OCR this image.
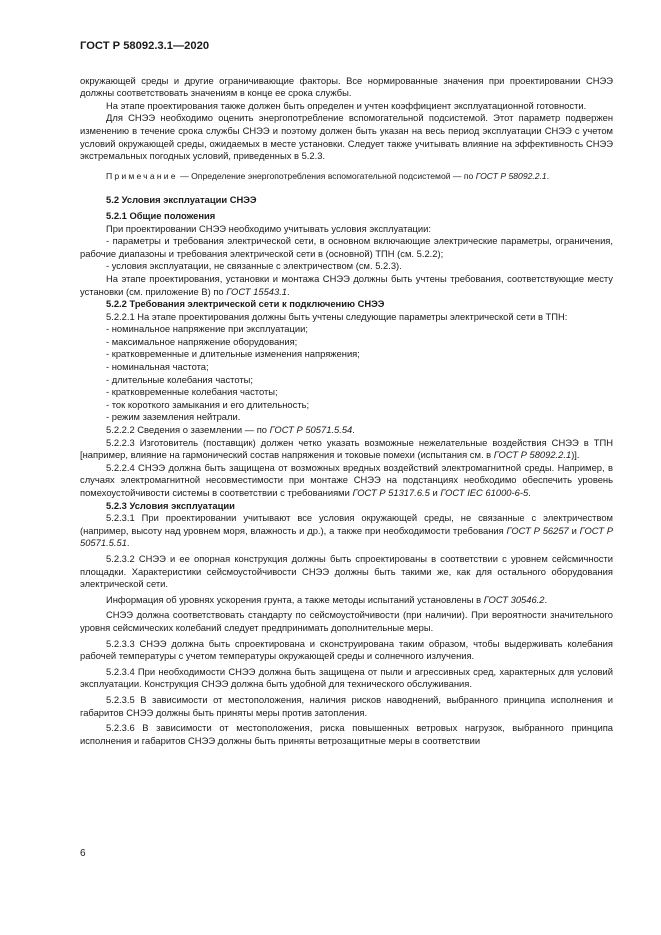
ГОСТ Р 58092.3.1—2020

окружающей среды и другие ограничивающие факторы. Все нормированные значения при проектировании СНЭЭ должны соответствовать значениям в конце ее срока службы.

На этапе проектирования также должен быть определен и учтен коэффициент эксплуатационной готовности.

Для СНЭЭ необходимо оценить энергопотребление вспомогательной подсистемой. Этот параметр подвержен изменению в течение срока службы СНЭЭ и поэтому должен быть указан на весь период эксплуатации СНЭЭ с учетом условий окружающей среды, ожидаемых в месте установки. Следует также учитывать влияние на эффективность СНЭЭ экстремальных погодных условий, приведенных в 5.2.3.

Примечание — Определение энергопотребления вспомогательной подсистемой — по ГОСТ Р 58092.2.1.

5.2 Условия эксплуатации СНЭЭ

5.2.1 Общие положения

При проектировании СНЭЭ необходимо учитывать условия эксплуатации:

- параметры и требования электрической сети, в основном включающие электрические параметры, ограничения, рабочие диапазоны и требования электрической сети в (основной) ТПН (см. 5.2.2);

- условия эксплуатации, не связанные с электричеством (см. 5.2.3).

На этапе проектирования, установки и монтажа СНЭЭ должны быть учтены требования, соответствующие месту установки (см. приложение В) по ГОСТ 15543.1.

5.2.2 Требования электрической сети к подключению СНЭЭ

5.2.2.1 На этапе проектирования должны быть учтены следующие параметры электрической сети в ТПН:

- номинальное напряжение при эксплуатации;

- максимальное напряжение оборудования;

- кратковременные и длительные изменения напряжения;

- номинальная частота;

- длительные колебания частоты;

- кратковременные колебания частоты;

- ток короткого замыкания и его длительность;

- режим заземления нейтрали.

5.2.2.2 Сведения о заземлении — по ГОСТ Р 50571.5.54.

5.2.2.3 Изготовитель (поставщик) должен четко указать возможные нежелательные воздействия СНЭЭ в ТПН [например, влияние на гармонический состав напряжения и токовые помехи (испытания см. в ГОСТ Р 58092.2.1)].

5.2.2.4 СНЭЭ должна быть защищена от возможных вредных воздействий электромагнитной среды. Например, в случаях электромагнитной несовместимости при монтаже СНЭЭ на подстанциях необходимо обеспечить уровень помехоустойчивости системы в соответствии с требованиями ГОСТ Р 51317.6.5 и ГОСТ IEC 61000-6-5.

5.2.3 Условия эксплуатации

5.2.3.1 При проектировании учитывают все условия окружающей среды, не связанные с электричеством (например, высоту над уровнем моря, влажность и др.), а также при необходимости требования ГОСТ Р 56257 и ГОСТ Р 50571.5.51.

5.2.3.2 СНЭЭ и ее опорная конструкция должны быть спроектированы в соответствии с уровнем сейсмичности площадки. Характеристики сейсмоустойчивости СНЭЭ должны быть такими же, как для остального оборудования электрической сети.

Информация об уровнях ускорения грунта, а также методы испытаний установлены в ГОСТ 30546.2.

СНЭЭ должна соответствовать стандарту по сейсмоустойчивости (при наличии). При вероятности значительного уровня сейсмических колебаний следует предпринимать дополнительные меры.

5.2.3.3 СНЭЭ должна быть спроектирована и сконструирована таким образом, чтобы выдерживать колебания рабочей температуры с учетом температуры окружающей среды и солнечного излучения.

5.2.3.4 При необходимости СНЭЭ должна быть защищена от пыли и агрессивных сред, характерных для условий эксплуатации. Конструкция СНЭЭ должна быть удобной для технического обслуживания.

5.2.3.5 В зависимости от местоположения, наличия рисков наводнений, выбранного принципа исполнения и габаритов СНЭЭ должны быть приняты меры против затопления.

5.2.3.6 В зависимости от местоположения, риска повышенных ветровых нагрузок, выбранного принципа исполнения и габаритов СНЭЭ должны быть приняты ветрозащитные меры в соответствии

6
